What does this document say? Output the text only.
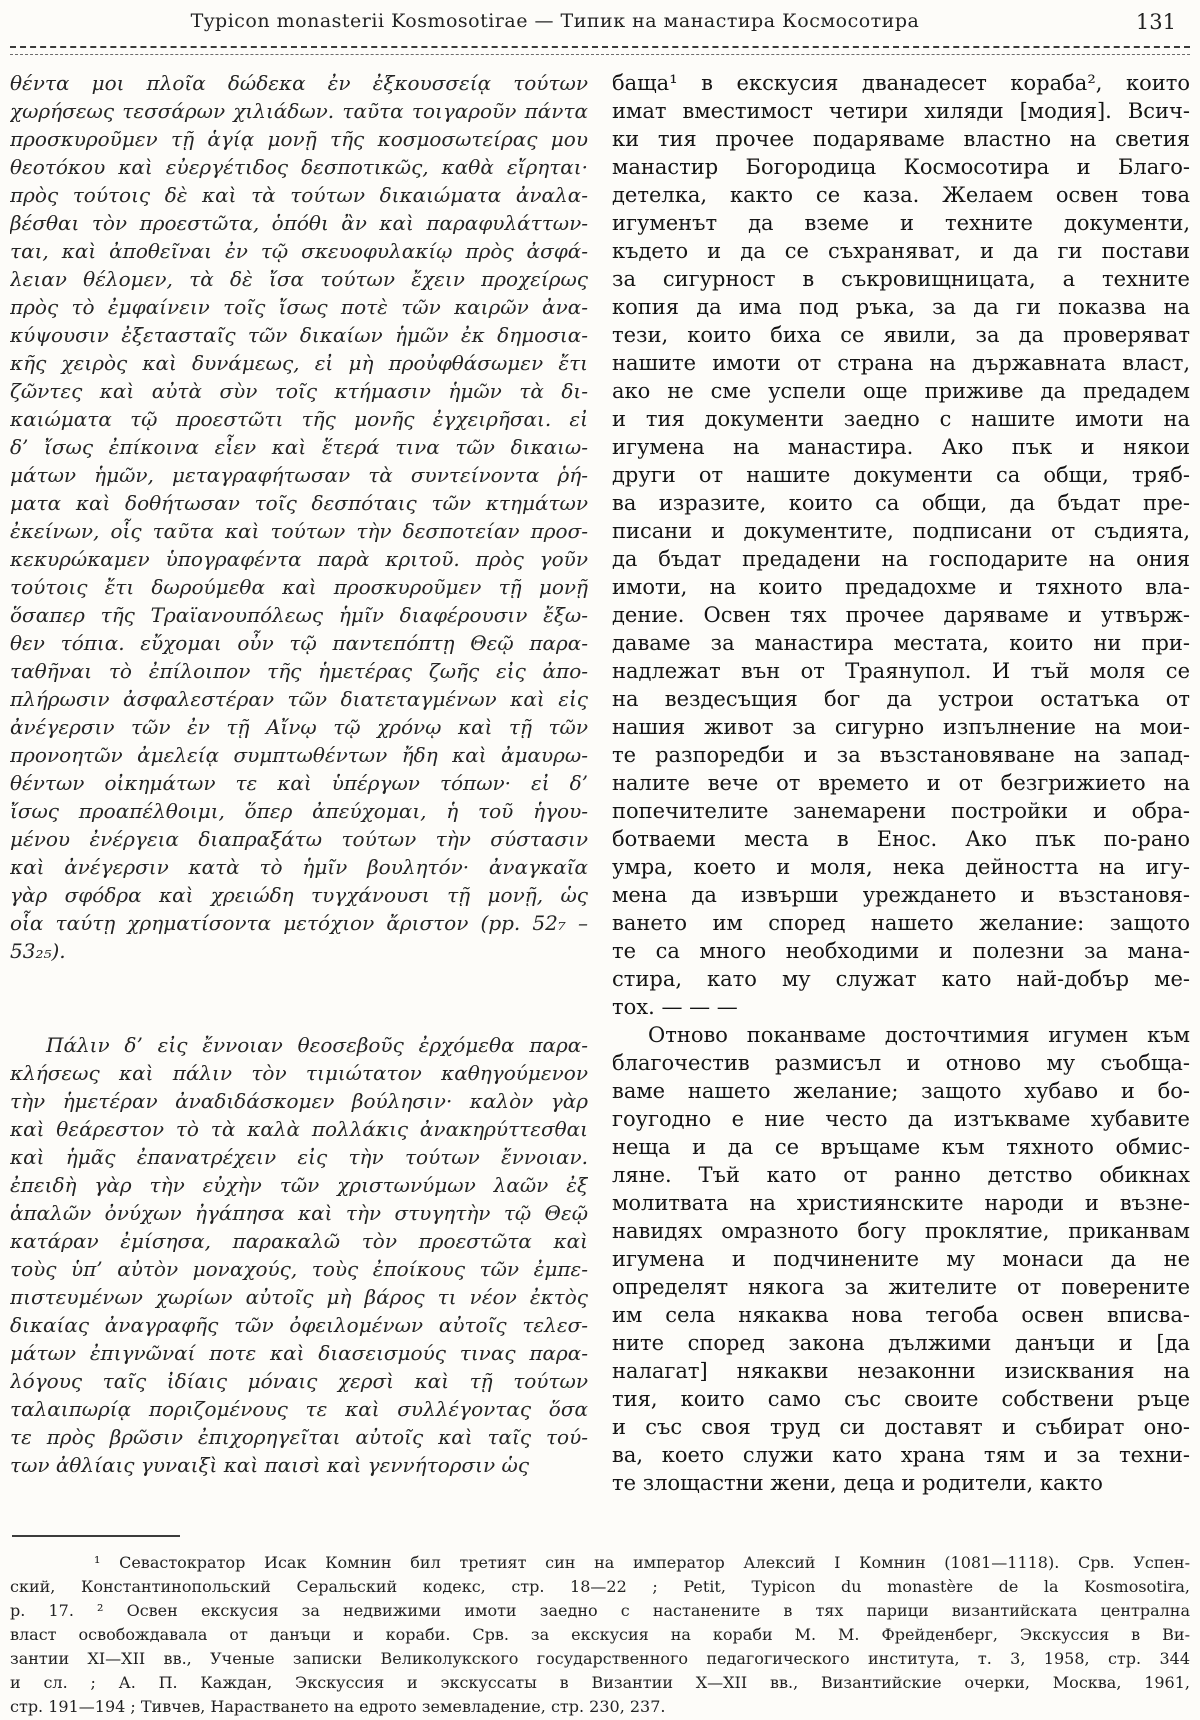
Typicon monasterii Kosmosotirae — Типик на манастира Космосотира	131
θέντα μοι πλοῖα δώδεκα ἐν ἐξκουσσείᾳ τούτων
χωρήσεως τεσσάρων χιλιάδων. ταῦτα τοιγαροῦν πάντα
προσκυροῦμεν τῇ ἁγίᾳ μονῇ τῆς κοσμοσωτείρας μου
θεοτόκου καὶ εὐεργέτιδος δεσποτικῶς, καθὰ εἴρηται·
πρὸς τούτοις δὲ καὶ τὰ τούτων δικαιώματα ἀναλα-
βέσθαι τὸν προεστῶτα, ὁπόθι ἂν καὶ παραφυλάττων-
ται, καὶ ἀποθεῖναι ἐν τῷ σκευοφυλακίῳ πρὸς ἀσφά-
λειαν θέλομεν, τὰ δὲ ἴσα τούτων ἔχειν προχείρως
πρὸς τὸ ἐμφαίνειν τοῖς ἴσως ποτὲ τῶν καιρῶν ἀνα-
κύψουσιν ἐξετασταῖς τῶν δικαίων ἡμῶν ἐκ δημοσια-
κῆς χειρὸς καὶ δυνάμεως, εἰ μὴ προὐφθάσωμεν ἔτι
ζῶντες καὶ αὐτὰ σὺν τοῖς κτήμασιν ἡμῶν τὰ δι-
καιώματα τῷ προεστῶτι τῆς μονῆς ἐγχειρῆσαι. εἰ
δ’ ἴσως ἐπίκοινα εἶεν καὶ ἕτερά τινα τῶν δικαιω-
μάτων ἡμῶν, μεταγραφήτωσαν τὰ συντείνοντα ῥή-
ματα καὶ δοθήτωσαν τοῖς δεσπόταις τῶν κτημάτων
ἐκείνων, οἷς ταῦτα καὶ τούτων τὴν δεσποτείαν προσ-
κεκυρώκαμεν ὑπογραφέντα παρὰ κριτοῦ. πρὸς γοῦν
τούτοις ἔτι δωρούμεθα καὶ προσκυροῦμεν τῇ μονῇ
ὅσαπερ τῆς Τραϊανουπόλεως ἡμῖν διαφέρουσιν ἔξω-
θεν τόπια. εὔχομαι οὖν τῷ παντεπόπτῃ Θεῷ παρα-
ταθῆναι τὸ ἐπίλοιπον τῆς ἡμετέρας ζωῆς εἰς ἀπο-
πλήρωσιν ἀσφαλεστέραν τῶν διατεταγμένων καὶ εἰς
ἀνέγερσιν τῶν ἐν τῇ Αἴνῳ τῷ χρόνῳ καὶ τῇ τῶν
προνοητῶν ἀμελείᾳ συμπτωθέντων ἤδη καὶ ἀμαυρω-
θέντων οἰκημάτων τε καὶ ὑπέργων τόπων· εἰ δ’
ἴσως προαπέλθοιμι, ὅπερ ἀπεύχομαι, ἡ τοῦ ἡγου-
μένου ἐνέργεια διαπραξάτω τούτων τὴν σύστασιν
καὶ ἀνέγερσιν κατὰ τὸ ἡμῖν βουλητόν· ἀναγκαῖα
γὰρ σφόδρα καὶ χρειώδη τυγχάνουσι τῇ μονῇ, ὡς
οἷα ταύτῃ χρηματίσοντα μετόχιον ἄριστον (pp. 52₇ –
53₂₅).
Πάλιν δ’ εἰς ἔννοιαν θεοσεβοῦς ἐρχόμεθα παρα-
κλήσεως καὶ πάλιν τὸν τιμιώτατον καθηγούμενον
τὴν ἡμετέραν ἀναδιδάσκομεν βούλησιν· καλὸν γὰρ
καὶ θεάρεστον τὸ τὰ καλὰ πολλάκις ἀνακηρύττεσθαι
καὶ ἡμᾶς ἐπανατρέχειν εἰς τὴν τούτων ἔννοιαν.
ἐπειδὴ γὰρ τὴν εὐχὴν τῶν χριστωνύμων λαῶν ἐξ
ἁπαλῶν ὀνύχων ἠγάπησα καὶ τὴν στυγητὴν τῷ Θεῷ
κατάραν ἐμίσησα, παρακαλῶ τὸν προεστῶτα καὶ
τοὺς ὑπ’ αὐτὸν μοναχούς, τοὺς ἐποίκους τῶν ἐμπε-
πιστευμένων χωρίων αὐτοῖς μὴ βάρος τι νέον ἐκτὸς
δικαίας ἀναγραφῆς τῶν ὀφειλομένων αὐτοῖς τελεσ-
μάτων ἐπιγνῶναί ποτε καὶ διασεισμούς τινας παρα-
λόγους ταῖς ἰδίαις μόναις χερσὶ καὶ τῇ τούτων
ταλαιπωρίᾳ ποριζομένους τε καὶ συλλέγοντας ὅσα
τε πρὸς βρῶσιν ἐπιχορηγεῖται αὐτοῖς καὶ ταῖς τού-
των ἀθλίαις γυναιξὶ καὶ παισὶ καὶ γεννήτορσιν ὡς
баща¹ в екскусия дванадесет кораба², които
имат вместимост четири хиляди [модия]. Всич-
ки тия прочее подаряваме властно на светия
манастир Богородица Космосотира и Благо-
детелка, както се каза. Желаем освен това
игуменът да вземе и техните документи,
където и да се съхраняват, и да ги постави
за сигурност в съкровищницата, а техните
копия да има под ръка, за да ги показва на
тези, които биха се явили, за да проверяват
нашите имоти от страна на държавната власт,
ако не сме успели още приживе да предадем
и тия документи заедно с нашите имоти на
игумена на манастира. Ако пък и някои
други от нашите документи са общи, тряб-
ва изразите, които са общи, да бъдат пре-
писани и документите, подписани от съдията,
да бъдат предадени на господарите на ония
имоти, на които предадохме и тяхното вла-
дение. Освен тях прочее даряваме и утвърж-
даваме за манастира местата, които ни при-
надлежат вън от Траянупол. И тъй моля се
на вездесъщия бог да устрои остатъка от
нашия живот за сигурно изпълнение на мои-
те разпоредби и за възстановяване на запад-
налите вече от времето и от безгрижието на
попечителите занемарени постройки и обра-
ботваеми места в Енос. Ако пък по-рано
умра, което и моля, нека дейността на игу-
мена да извърши уреждането и възстановя-
ването им според нашето желание: защото
те са много необходими и полезни за мана-
стира, като му служат като най-добър ме-
тох. — — —
Отново поканваме досточтимия игумен към
благочестив размисъл и отново му съобща-
ваме нашето желание; защото хубаво и бо-
гоугодно е ние често да изтъкваме хубавите
неща и да се връщаме към тяхното обмис-
ляне. Тъй като от ранно детство обикнах
молитвата на християнските народи и възне-
навидях омразното богу проклятие, приканвам
игумена и подчинените му монаси да не
определят някога за жителите от поверените
им села някаква нова тегоба освен вписва-
ните според закона дължими данъци и [да
налагат] някакви незаконни изисквания на
тия, които само със своите собствени ръце
и със своя труд си доставят и събират оно-
ва, което служи като храна тям и за техни-
те злощастни жени, деца и родители, както
¹ Севастократор Исак Комнин бил третият син на император Алексий I Комнин (1081—1118). Срв. Успен-
ский, Константинопольский Серальский кодекс, стр. 18—22 ; Petit, Typicon du monastère de la Kosmosotira,
р. 17. ² Освен екскусия за недвижими имоти заедно с настанените в тях парици византийската централна
власт освобождавала от данъци и кораби. Срв. за екскусия на кораби М. М. Фрейденберг, Экскуссия в Ви-
зантии XI—XII вв., Ученые записки Великолукского государственного педагогического института, т. 3, 1958, стр. 344
и сл. ; А. П. Каждан, Экскуссия и экскуссаты в Византии X—XII вв., Византийские очерки, Москва, 1961,
стр. 191—194 ; Тивчев, Нарастването на едрото земевладение, стр. 230, 237.
